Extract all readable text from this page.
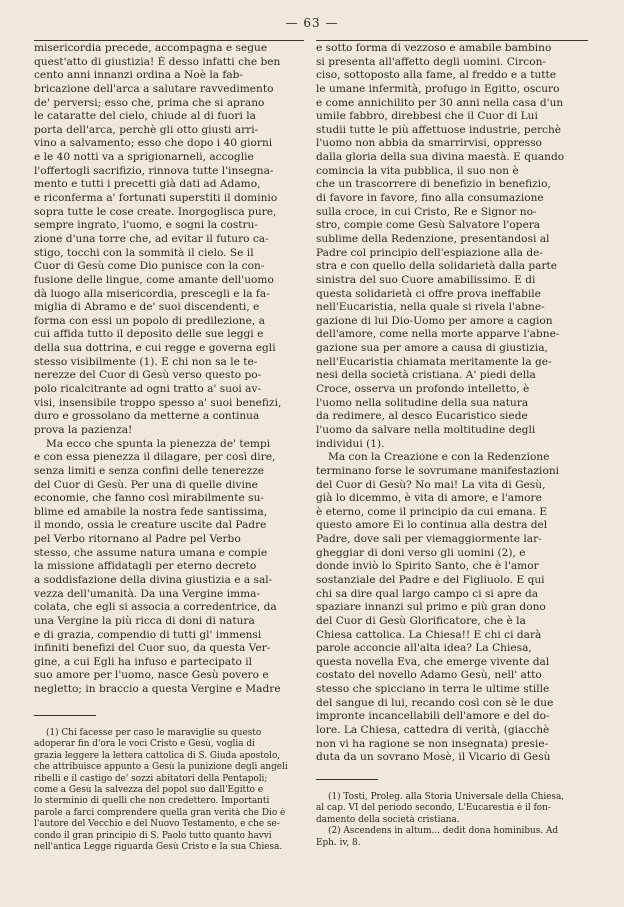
— 63 —
misericordia precede, accompagna e segue
quest'atto di giustizia! È desso infatti che ben
cento anni innanzi ordina a Noè la fab-
bricazione dell'arca a salutare ravvedimento
de' perversi; esso che, prima che si aprano
le cataratte del cielo, chiude al di fuori la
porta dell'arca, perchè gli otto giusti arri-
vino a salvamento; esso che dopo i 40 giorni
e le 40 notti va a sprigionarneli, accoglie
l'offertogli sacrifizio, rinnova tutte l'insegna-
mento e tutti i precetti già dati ad Adamo,
e riconferma a' fortunati superstiti il dominio
sopra tutte le cose create. Inorgoglisca pure,
sempre ingrato, l'uomo, e sogni la costru-
zione d'una torre che, ad evitar il futuro ca-
stigo, tocchi con la sommità il cielo. Se il
Cuor di Gesù come Dio punisce con la con-
fusione delle lingue, come amante dell'uomo
dà luogo alla misericordia, prescegli e la fa-
miglia di Abramo e de' suoi discendenti, e
forma con essi un popolo di predilezione, a
cui affida tutto il deposito delle sue leggi e
della sua dottrina, e cui regge e governa egli
stesso visibilmente (1). E chi non sa le te-
nerezze del Cuor di Gesù verso questo po-
polo ricalcitrante ad ogni tratto a' suoi av-
visi, insensibile troppo spesso a' suoi benefizi,
duro e grossolano da metterne a continua
prova la pazienza!
Ma ecco che spunta la pienezza de' tempi
e con essa pienezza il dilagare, per così dire,
senza limiti e senza confini delle tenerezze
del Cuor di Gesù. Per una di quelle divine
economie, che fanno così mirabilmente su-
blime ed amabile la nostra fede santissima,
il mondo, ossia le creature uscite dal Padre
pel Verbo ritornano al Padre pel Verbo
stesso, che assume natura umana e compie
la missione affidatagli per eterno decreto
a soddisfazione della divina giustizia e a sal-
vezza dell'umanità. Da una Vergine imma-
colata, che egli si associa a corredentrice, da
una Vergine la più ricca di doni di natura
e di grazia, compendio di tutti gl' immensi
infiniti benefizi del Cuor suo, da questa Ver-
gine, a cui Egli ha infuso e partecipato il
suo amore per l'uomo, nasce Gesù povero e
negletto; in braccio a questa Vergine e Madre
(1) Chi facesse per caso le maraviglie su questo
adoperar fin d'ora le voci Cristo e Gesù, voglia di
grazia leggere la lettera cattolica di S. Giuda apostolo,
che attribuisce appunto a Gesù la punizione degli angeli
ribelli e il castigo de' sozzi abitatori della Pentapoli;
come a Gesù la salvezza del popol suo dall'Egitto e
lo sterminio di quelli che non credettero. Importanti
parole a farci comprendere quella gran verità che Dio è
l'autore del Vecchio e del Nuovo Testamento, e che se-
condo il gran principio di S. Paolo tutto quanto havvi
nell'antica Legge riguarda Gesù Cristo e la sua Chiesa.
e sotto forma di vezzoso e amabile bambino
si presenta all'affetto degli uomini. Circon-
ciso, sottoposto alla fame, al freddo e a tutte
le umane infermità, profugo in Egitto, oscuro
e come annichilito per 30 anni nella casa d'un
umile fabbro, direbbesi che il Cuor di Lui
studii tutte le più affettuose industrie, perchè
l'uomo non abbia da smarrirvisi, oppresso
dalla gloria della sua divina maestà. E quando
comincia la vita pubblica, il suo non è
che un trascorrere di benefizio in benefizio,
di favore in favore, fino alla consumazione
sulla croce, in cui Cristo, Re e Signor no-
stro, compie come Gesù Salvatore l'opera
sublime della Redenzione, presentandosi al
Padre col principio dell'espiazione alla de-
stra e con quello della solidarietà dalla parte
sinistra del suo Cuore amabilissimo. E di
questa solidarietà ci offre prova ineffabile
nell'Eucaristia, nella quale si rivela l'abne-
gazione di lui Dio-Uomo per amore a cagion
dell'amore, come nella morte apparve l'abne-
gazione sua per amore a causa di giustizia,
nell'Eucaristia chiamata meritamente la ge-
nesi della società cristiana. A' piedi della
Croce, osserva un profondo intelletto, è
l'uomo nella solitudine della sua natura
da redimere, al desco Eucaristico siede
l'uomo da salvare nella moltitudine degli
individui (1).
Ma con la Creazione e con la Redenzione
terminano forse le sovrumane manifestazioni
del Cuor di Gesù? No mai! La vita di Gesù,
già lo dicemmo, è vita di amore, e l'amore
è eterno, come il principio da cui emana. E
questo amore Ei lo continua alla destra del
Padre, dove sali per viemaggiormente lar-
gheggiar di doni verso gli uomini (2), e
donde inviò lo Spirito Santo, che è l'amor
sostanziale del Padre e del Figliuolo. E qui
chi sa dire qual largo campo ci si apre da
spaziare innanzi sul primo e più gran dono
del Cuor di Gesù Glorificatore, che è la
Chiesa cattolica. La Chiesa!! E chi ci darà
parole acconcie all'alta idea? La Chiesa,
questa novella Eva, che emerge vivente dal
costato del novello Adamo Gesù, nell' atto
stesso che spicciano in terra le ultime stille
del sangue di lui, recando così con sè le due
impronte incancellabili dell'amore e del do-
lore. La Chiesa, cattedra di verità, (giacchè
non vi ha ragione se non insegnata) presie-
duta da un sovrano Mosè, il Vicario di Gesù
(1) Tosti, Proleg. alla Storia Universale della Chiesa,
al cap. VI del periodo secondo, L'Eucarestia è il fon-
damento della società cristiana.
(2) Ascendens in altum... dedit dona hominibus. Ad
Eph. iv, 8.
